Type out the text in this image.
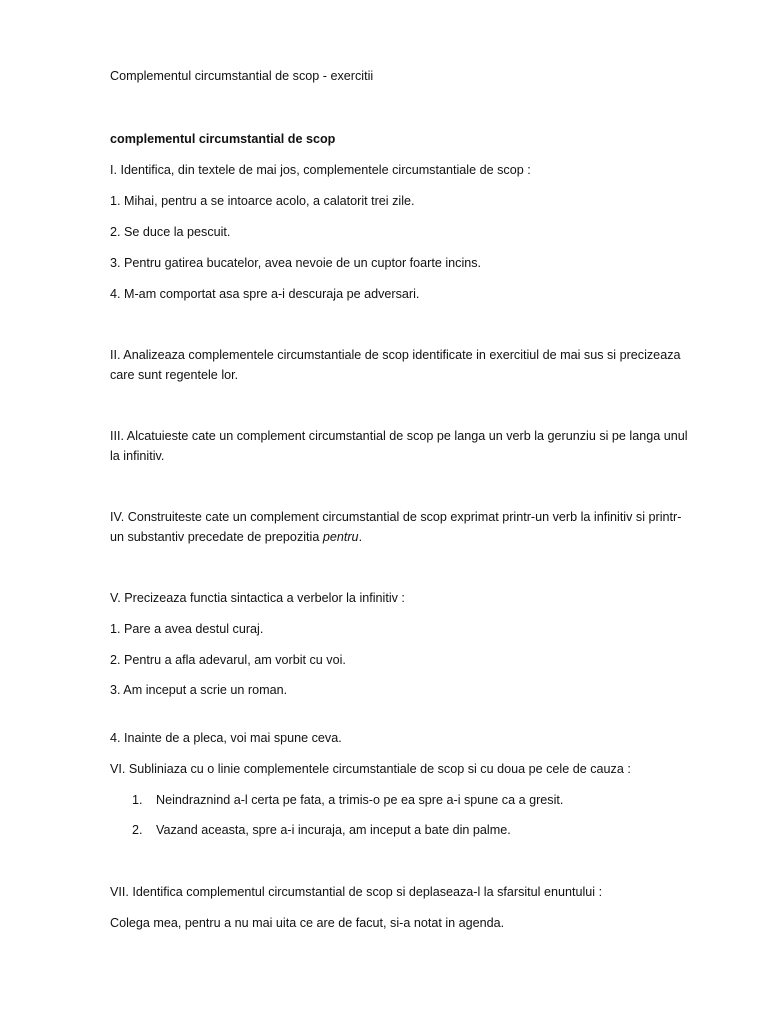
Complementul circumstantial de scop - exercitii
complementul circumstantial de scop
I. Identifica, din textele de mai jos, complementele circumstantiale de scop :
1. Mihai, pentru a se intoarce acolo, a calatorit trei zile.
2. Se duce la pescuit.
3. Pentru gatirea bucatelor, avea nevoie de un cuptor foarte incins.
4. M-am comportat asa spre a-i descuraja pe adversari.
II. Analizeaza complementele circumstantiale de scop identificate in exercitiul de mai sus si precizeaza
care sunt regentele lor.
III. Alcatuieste cate un complement circumstantial de scop pe langa un verb la gerunziu si pe langa unul
la infinitiv.
IV. Construiteste cate un complement circumstantial de scop exprimat printr-un verb la infinitiv si printr-
un substantiv precedate de prepozitia pentru.
V. Precizeaza functia sintactica a verbelor la infinitiv :
1. Pare a avea destul curaj.
2. Pentru a afla adevarul, am vorbit cu voi.
3. Am inceput a scrie un roman.
4. Inainte de a pleca, voi mai spune ceva.
VI. Subliniaza cu o linie complementele circumstantiale de scop si cu doua pe cele de cauza :
1.	Neindraznind a-l certa pe fata, a trimis-o pe ea spre a-i spune ca a gresit.
2.	Vazand aceasta, spre a-i incuraja, am inceput a bate din palme.
VII. Identifica complementul circumstantial de scop si deplaseaza-l la sfarsitul enuntului :
Colega mea, pentru a nu mai uita ce are de facut, si-a notat in agenda.
